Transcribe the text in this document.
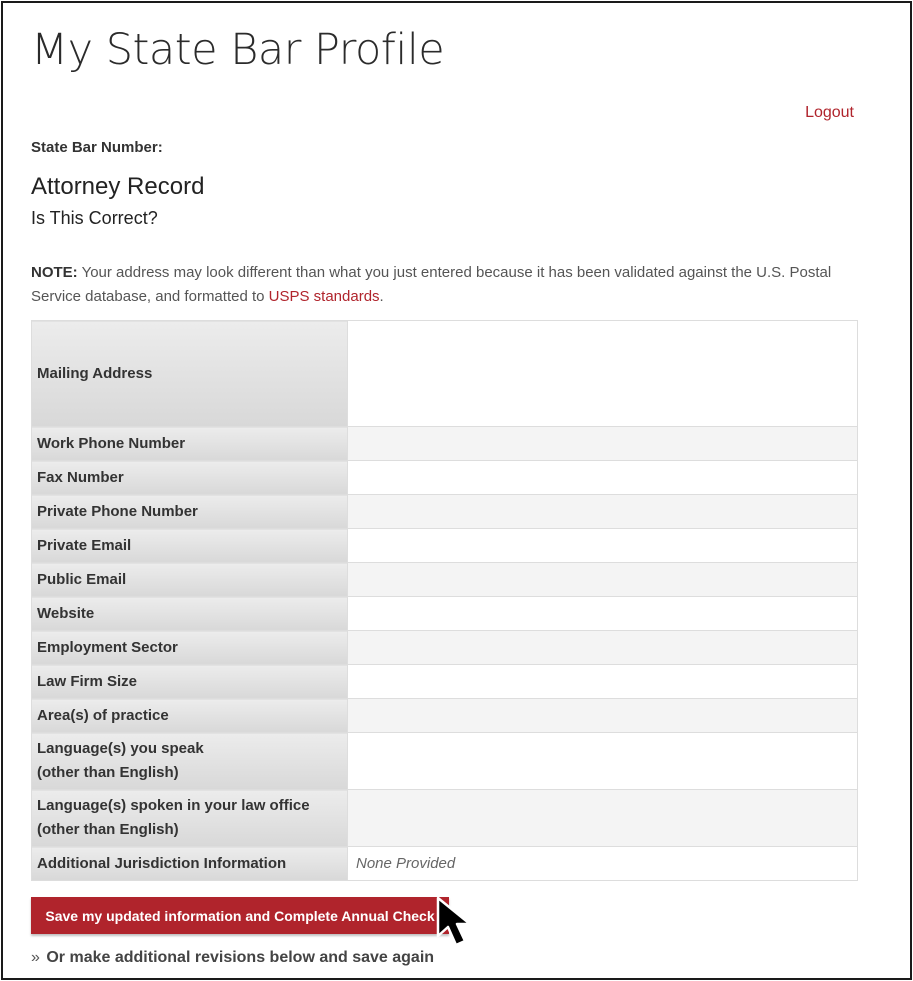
My State Bar Profile
Logout
State Bar Number:
Attorney Record
Is This Correct?
NOTE: Your address may look different than what you just entered because it has been validated against the U.S. Postal Service database, and formatted to USPS standards.
Mailing Address	
Work Phone Number	
Fax Number	
Private Phone Number	
Private Email	
Public Email	
Website	
Employment Sector	
Law Firm Size	
Area(s) of practice	
Language(s) you speak
(other than English)	
Language(s) spoken in your law office
(other than English)	
Additional Jurisdiction Information	None Provided
Save my updated information and Complete Annual Check
» Or make additional revisions below and save again
